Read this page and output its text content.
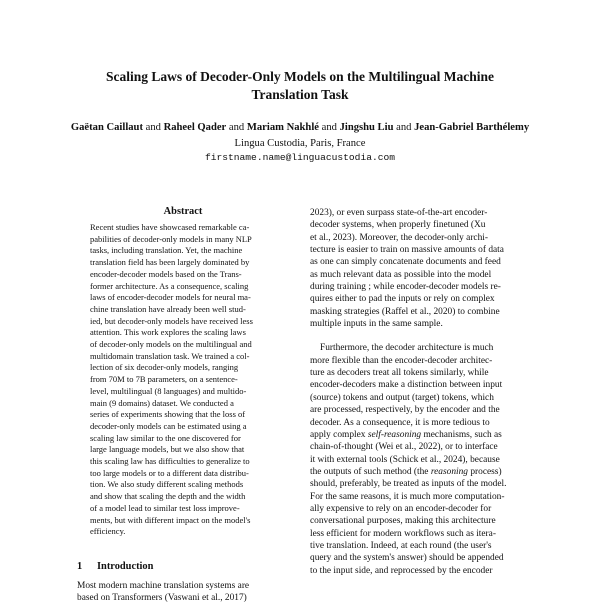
Scaling Laws of Decoder-Only Models on the Multilingual Machine
Translation Task
Gaëtan Caillaut and Raheel Qader and Mariam Nakhlé and Jingshu Liu and Jean-Gabriel Barthélemy
Lingua Custodia, Paris, France
firstname.name@linguacustodia.com
Abstract
Recent studies have showcased remarkable ca-
pabilities of decoder-only models in many NLP
tasks, including translation. Yet, the machine
translation field has been largely dominated by
encoder-decoder models based on the Trans-
former architecture. As a consequence, scaling
laws of encoder-decoder models for neural ma-
chine translation have already been well stud-
ied, but decoder-only models have received less
attention. This work explores the scaling laws
of decoder-only models on the multilingual and
multidomain translation task. We trained a col-
lection of six decoder-only models, ranging
from 70M to 7B parameters, on a sentence-
level, multilingual (8 languages) and multido-
main (9 domains) dataset. We conducted a
series of experiments showing that the loss of
decoder-only models can be estimated using a
scaling law similar to the one discovered for
large language models, but we also show that
this scaling law has difficulties to generalize to
too large models or to a different data distribu-
tion. We also study different scaling methods
and show that scaling the depth and the width
of a model lead to similar test loss improve-
ments, but with different impact on the model's
efficiency.
1 Introduction
Most modern machine translation systems are
based on Transformers (Vaswani et al., 2017)
2023), or even surpass state-of-the-art encoder-
decoder systems, when properly finetuned (Xu
et al., 2023). Moreover, the decoder-only archi-
tecture is easier to train on massive amounts of data
as one can simply concatenate documents and feed
as much relevant data as possible into the model
during training ; while encoder-decoder models re-
quires either to pad the inputs or rely on complex
masking strategies (Raffel et al., 2020) to combine
multiple inputs in the same sample.
Furthermore, the decoder architecture is much
more flexible than the encoder-decoder architec-
ture as decoders treat all tokens similarly, while
encoder-decoders make a distinction between input
(source) tokens and output (target) tokens, which
are processed, respectively, by the encoder and the
decoder. As a consequence, it is more tedious to
apply complex self-reasoning mechanisms, such as
chain-of-thought (Wei et al., 2022), or to interface
it with external tools (Schick et al., 2024), because
the outputs of such method (the reasoning process)
should, preferably, be treated as inputs of the model.
For the same reasons, it is much more computation-
ally expensive to rely on an encoder-decoder for
conversational purposes, making this architecture
less efficient for modern workflows such as itera-
tive translation. Indeed, at each round (the user's
query and the system's answer) should be appended
to the input side, and reprocessed by the encoder
